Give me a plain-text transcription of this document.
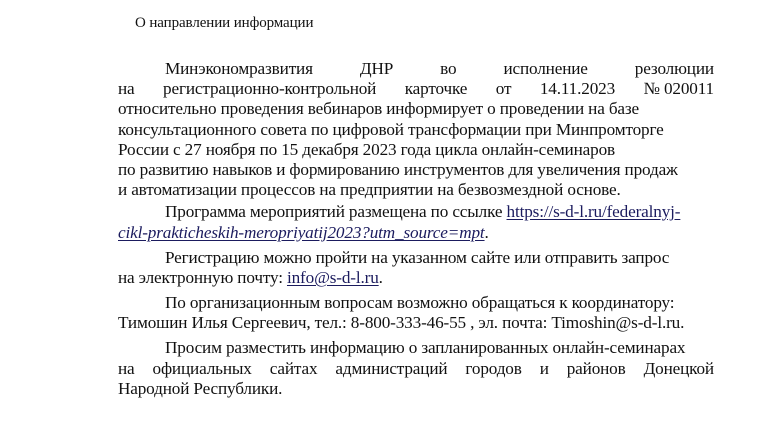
О направлении информации
Минэкономразвития	ДНР	во	исполнение	резолюции
на регистрационно-контрольной карточке от 14.11.2023 № 020011
относительно проведения вебинаров информирует о проведении на базе
консультационного совета по цифровой трансформации при Минпромторге
России с 27 ноября по 15 декабря 2023 года цикла онлайн-семинаров
по развитию навыков и формированию инструментов для увеличения продаж
и автоматизации процессов на предприятии на безвозмездной основе.
Программа мероприятий размещена по ссылке https://s-d-l.ru/federalnyj-
cikl-prakticheskih-meropriyatij2023?utm_source=mpt.
Регистрацию можно пройти на указанном сайте или отправить запрос
на электронную почту: info@s-d-l.ru.
По организационным вопросам возможно обращаться к координатору:
Тимошин Илья Сергеевич, тел.: 8-800-333-46-55 , эл. почта: Timoshin@s-d-l.ru.
Просим разместить информацию о запланированных онлайн-семинарах
на официальных сайтах администраций городов и районов Донецкой
Народной Республики.
